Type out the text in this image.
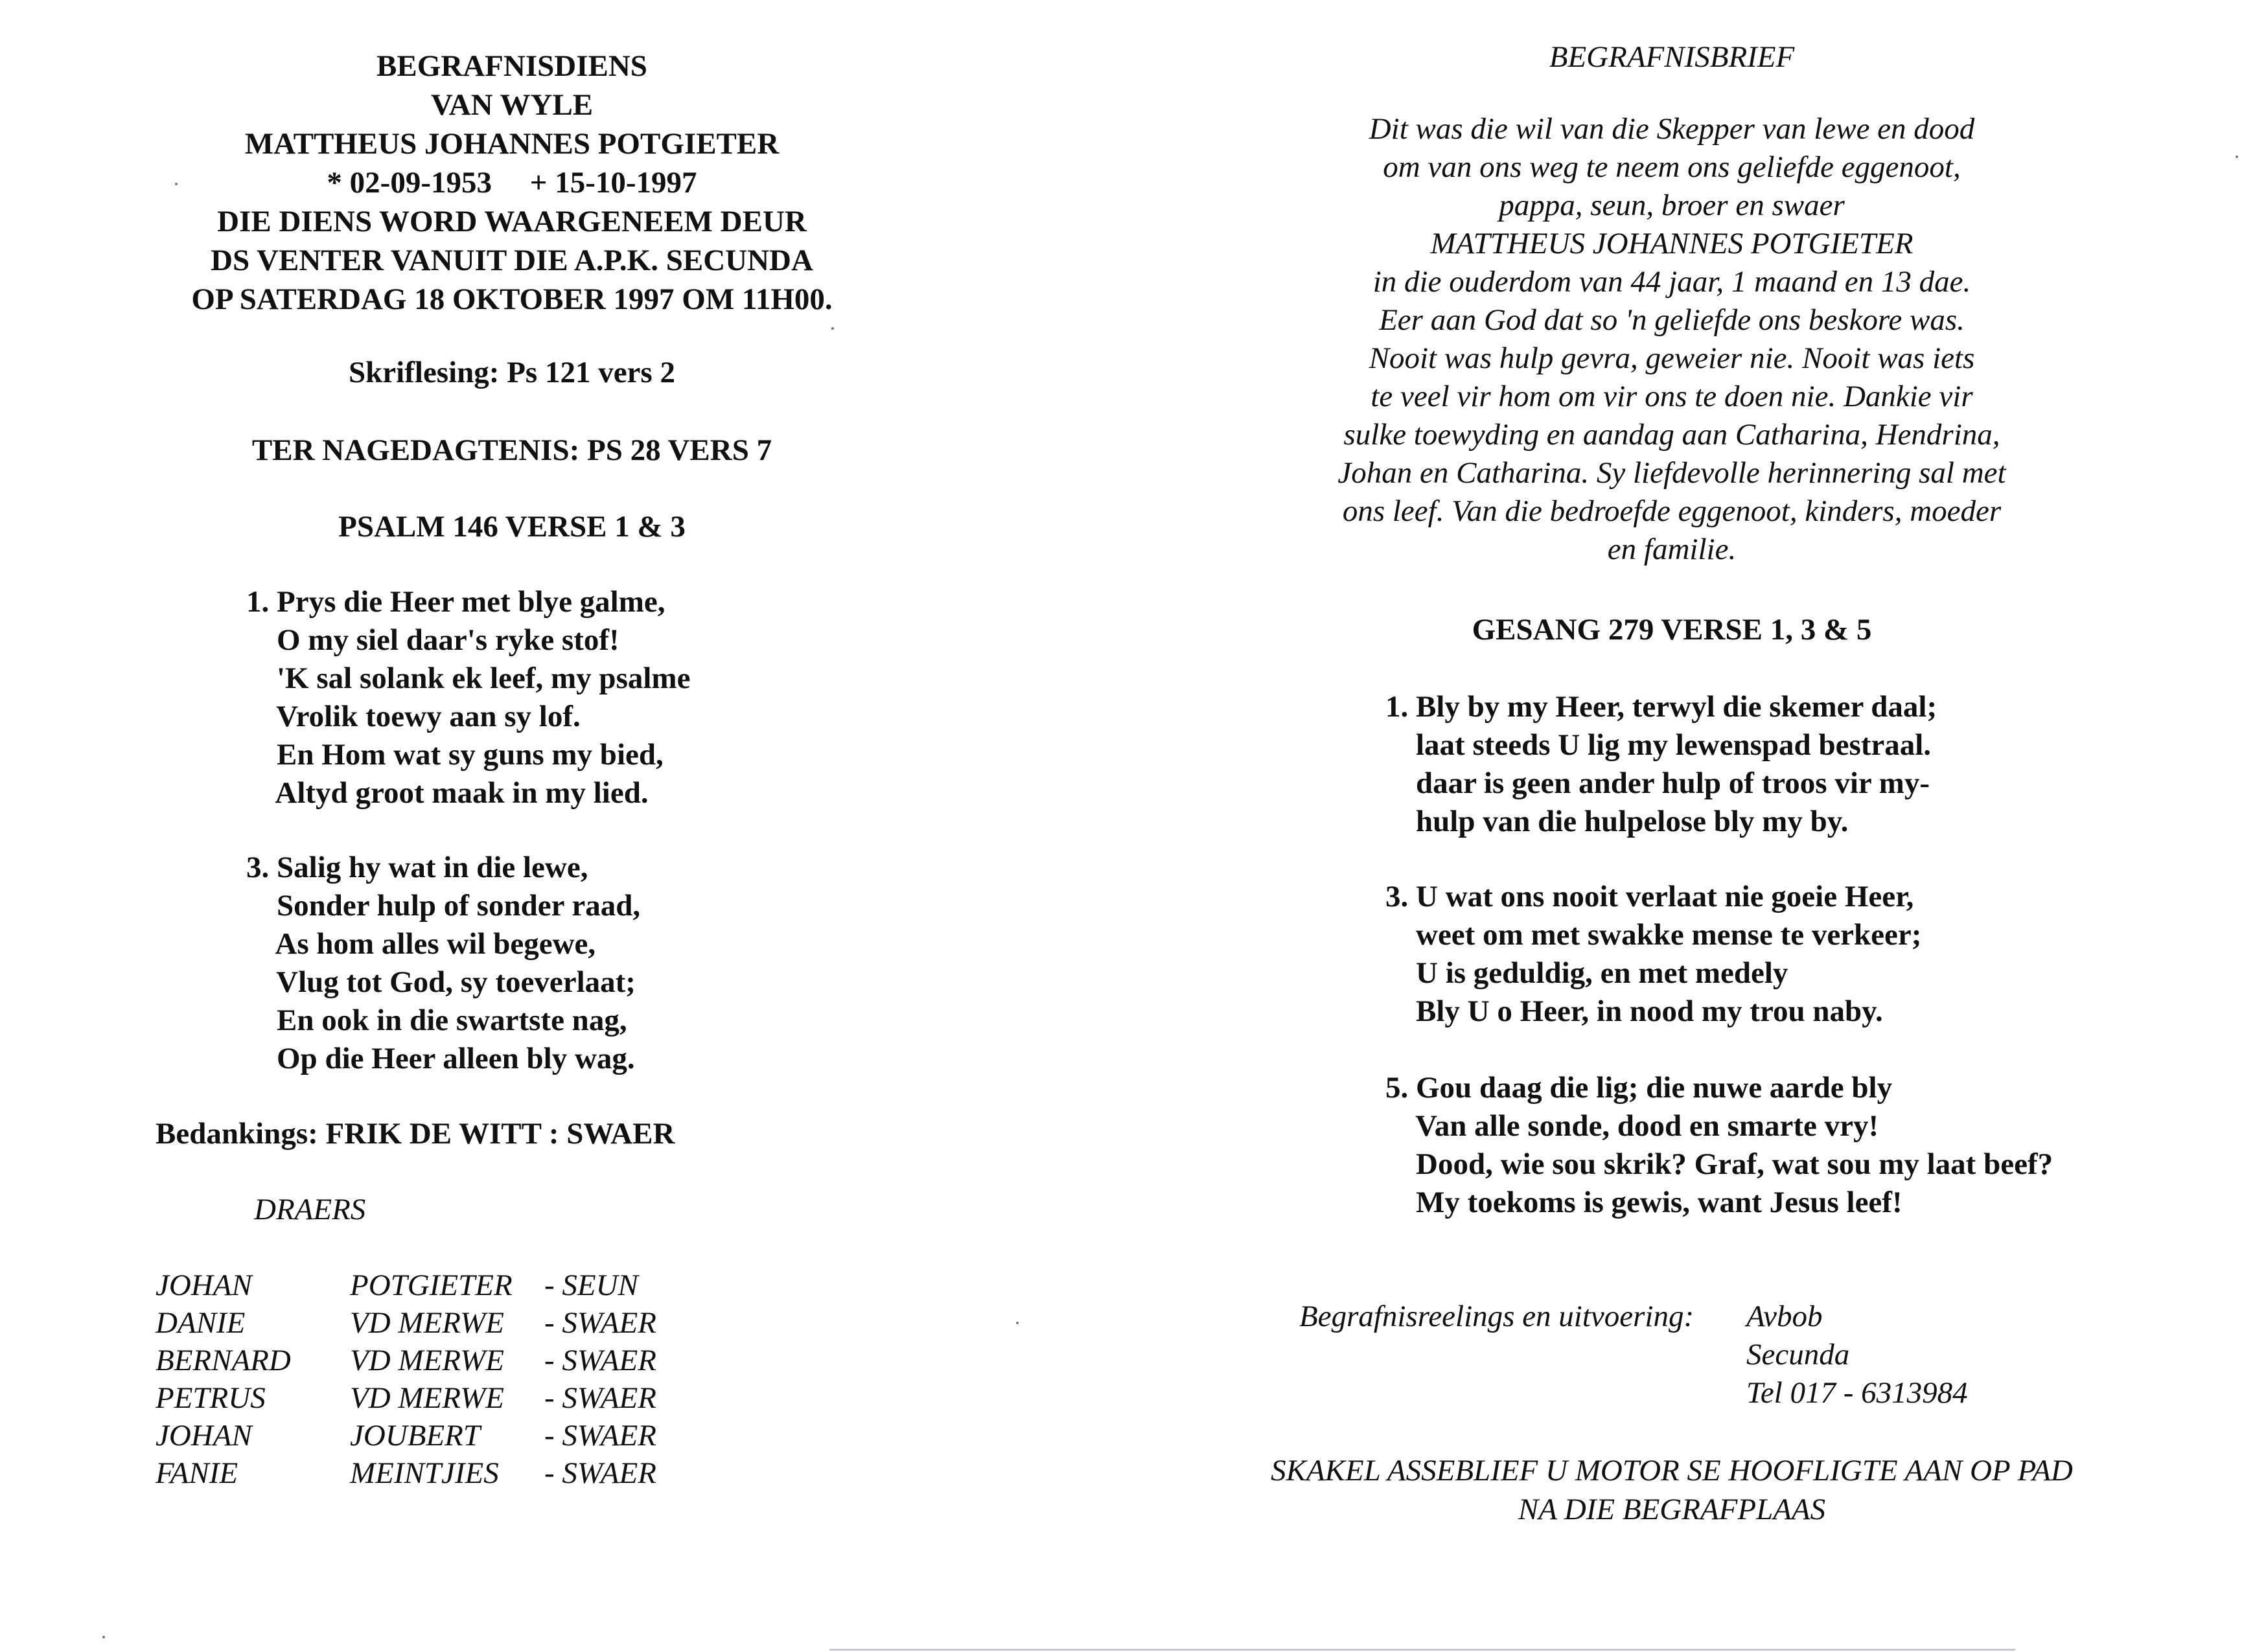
BEGRAFNISDIENS
VAN WYLE
MATTHEUS JOHANNES POTGIETER
* 02-09-1953     + 15-10-1997
DIE DIENS WORD WAARGENEEM DEUR
DS VENTER VANUIT DIE A.P.K. SECUNDA
OP SATERDAG 18 OKTOBER 1997 OM 11H00.
Skriflesing: Ps 121 vers 2
TER NAGEDAGTENIS: PS 28 VERS 7
PSALM 146 VERSE 1 & 3
1. Prys die Heer met blye galme,
O my siel daar's ryke stof!
'K sal solank ek leef, my psalme
Vrolik toewy aan sy lof.
En Hom wat sy guns my bied,
Altyd groot maak in my lied.
3. Salig hy wat in die lewe,
Sonder hulp of sonder raad,
As hom alles wil begewe,
Vlug tot God, sy toeverlaat;
En ook in die swartste nag,
Op die Heer alleen bly wag.
Bedankings: FRIK DE WITT : SWAER
DRAERS
JOHAN	POTGIETER	- SEUN
DANIE	VD MERWE	- SWAER
BERNARD	VD MERWE	- SWAER
PETRUS	VD MERWE	- SWAER
JOHAN	JOUBERT	- SWAER
FANIE	MEINTJIES	- SWAER
BEGRAFNISBRIEF
Dit was die wil van die Skepper van lewe en dood
om van ons weg te neem ons geliefde eggenoot,
pappa, seun, broer en swaer
MATTHEUS JOHANNES POTGIETER
in die ouderdom van 44 jaar, 1 maand en 13 dae.
Eer aan God dat so 'n geliefde ons beskore was.
Nooit was hulp gevra, geweier nie. Nooit was iets
te veel vir hom om vir ons te doen nie. Dankie vir
sulke toewyding en aandag aan Catharina, Hendrina,
Johan en Catharina. Sy liefdevolle herinnering sal met
ons leef. Van die bedroefde eggenoot, kinders, moeder
en familie.
GESANG 279 VERSE 1, 3 & 5
1. Bly by my Heer, terwyl die skemer daal;
laat steeds U lig my lewenspad bestraal.
daar is geen ander hulp of troos vir my-
hulp van die hulpelose bly my by.
3. U wat ons nooit verlaat nie goeie Heer,
weet om met swakke mense te verkeer;
U is geduldig, en met medely
Bly U o Heer, in nood my trou naby.
5. Gou daag die lig; die nuwe aarde bly
Van alle sonde, dood en smarte vry!
Dood, wie sou skrik? Graf, wat sou my laat beef?
My toekoms is gewis, want Jesus leef!
Begrafnisreelings en uitvoering: Avbob
Secunda
Tel 017 - 6313984
SKAKEL ASSEBLIEF U MOTOR SE HOOFLIGTE AAN OP PAD
NA DIE BEGRAFPLAAS
